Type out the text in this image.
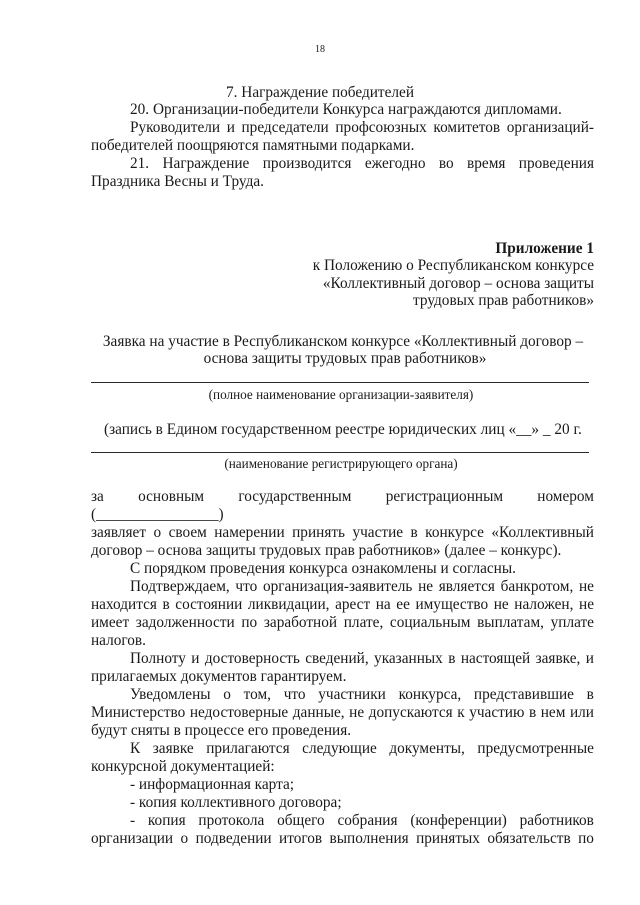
18
7. Награждение победителей
20. Организации-победители Конкурса награждаются дипломами.
Руководители и председатели профсоюзных комитетов организаций-
победителей поощряются памятными подарками.
21. Награждение производится ежегодно во время проведения
Праздника Весны и Труда.
Приложение 1
к Положению о Республиканском конкурсе
«Коллективный договор – основа защиты
трудовых прав работников»
Заявка на участие в Республиканском конкурсе «Коллективный договор –
основа защиты трудовых прав работников»
(полное наименование организации-заявителя)
(запись в Едином государственном реестре юридических лиц «__» _ 20 г.
(наименование регистрирующего органа)
за основным государственным регистрационным номером
(________________)
заявляет о своем намерении принять участие в конкурсе «Коллективный
договор – основа защиты трудовых прав работников» (далее – конкурс).
С порядком проведения конкурса ознакомлены и согласны.
Подтверждаем, что организация-заявитель не является банкротом, не
находится в состоянии ликвидации, арест на ее имущество не наложен, не
имеет задолженности по заработной плате, социальным выплатам, уплате
налогов.
Полноту и достоверность сведений, указанных в настоящей заявке, и
прилагаемых документов гарантируем.
Уведомлены о том, что участники конкурса, представившие в
Министерство недостоверные данные, не допускаются к участию в нем или
будут сняты в процессе его проведения.
К заявке прилагаются следующие документы, предусмотренные
конкурсной документацией:
- информационная карта;
- копия коллективного договора;
- копия протокола общего собрания (конференции) работников
организации о подведении итогов выполнения принятых обязательств по
